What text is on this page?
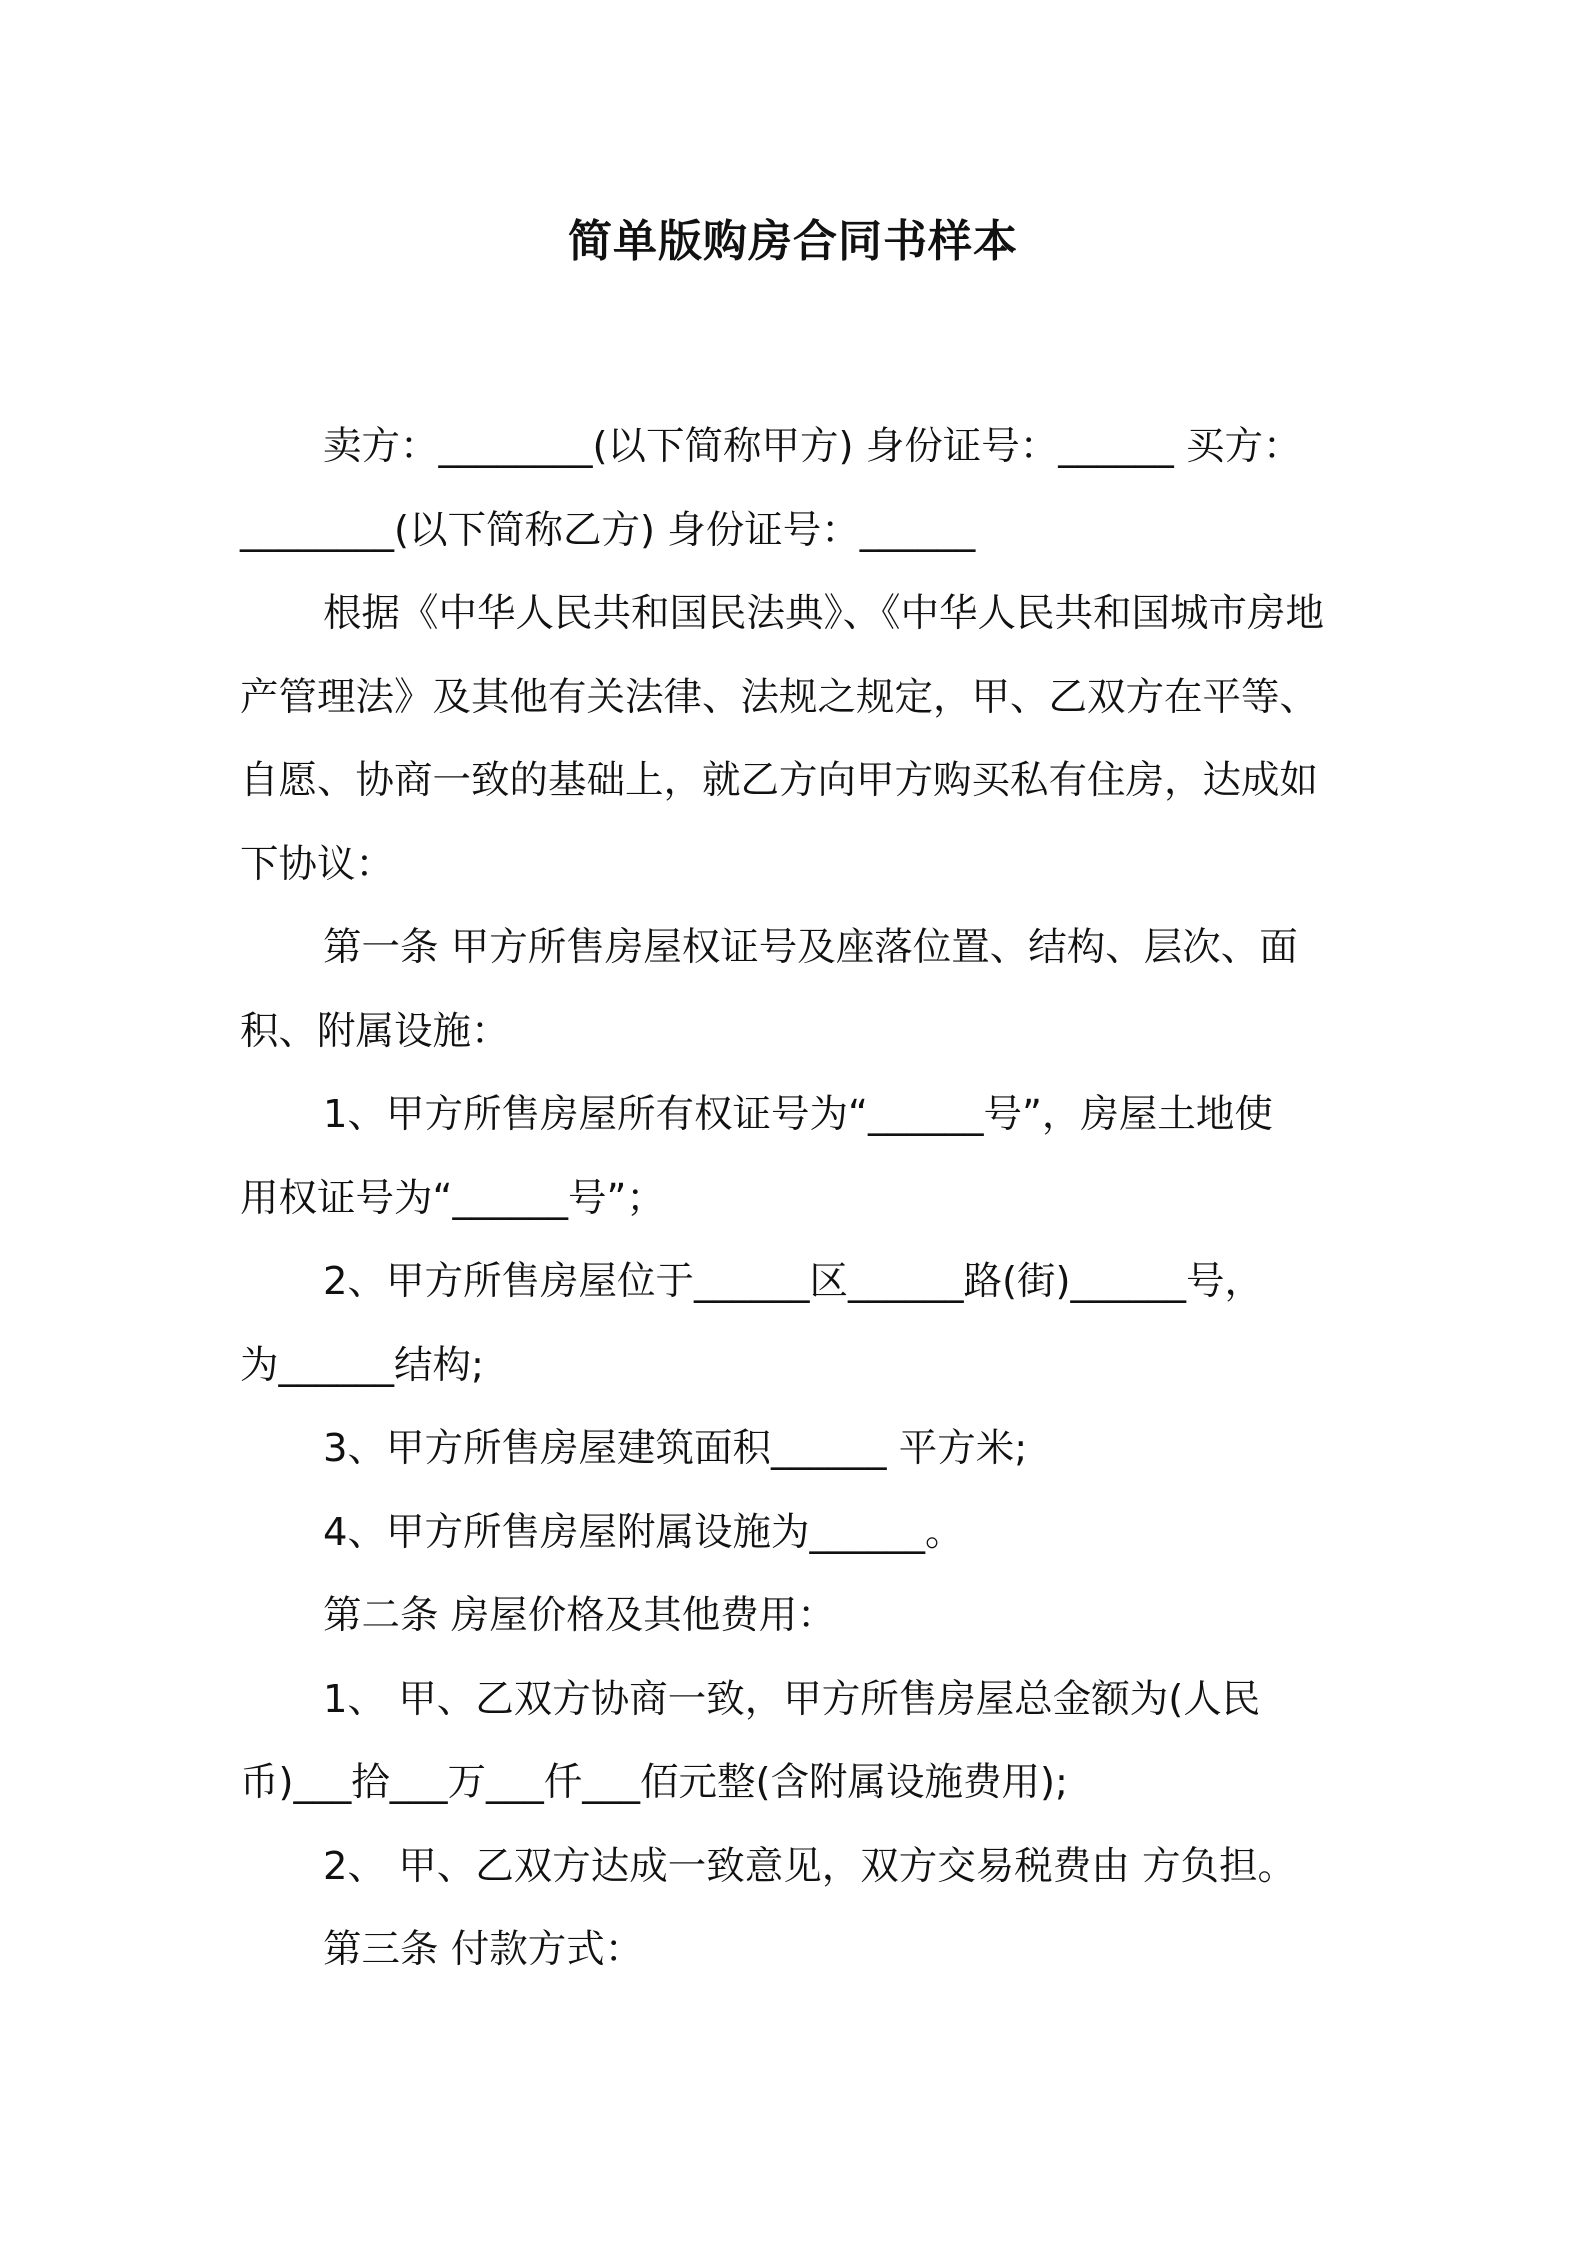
简单版购房合同书样本
卖方：________(以下简称甲方) 身份证号：______ 买方：
________(以下简称乙方) 身份证号：______
根据《中华人民共和国民法典》、《中华人民共和国城市房地
产管理法》及其他有关法律、法规之规定，甲、乙双方在平等、
自愿、协商一致的基础上，就乙方向甲方购买私有住房，达成如
下协议：
第一条 甲方所售房屋权证号及座落位置、结构、层次、面
积、附属设施：
1、甲方所售房屋所有权证号为“______号”，房屋土地使
用权证号为“______号”；
2、甲方所售房屋位于______区______路(街)______号，
为______结构;
3、甲方所售房屋建筑面积______ 平方米;
4、甲方所售房屋附属设施为______。
第二条 房屋价格及其他费用：
1、 甲、乙双方协商一致，甲方所售房屋总金额为(人民
币)___拾___万___仟___佰元整(含附属设施费用);
2、 甲、乙双方达成一致意见，双方交易税费由 方负担。
第三条 付款方式：
